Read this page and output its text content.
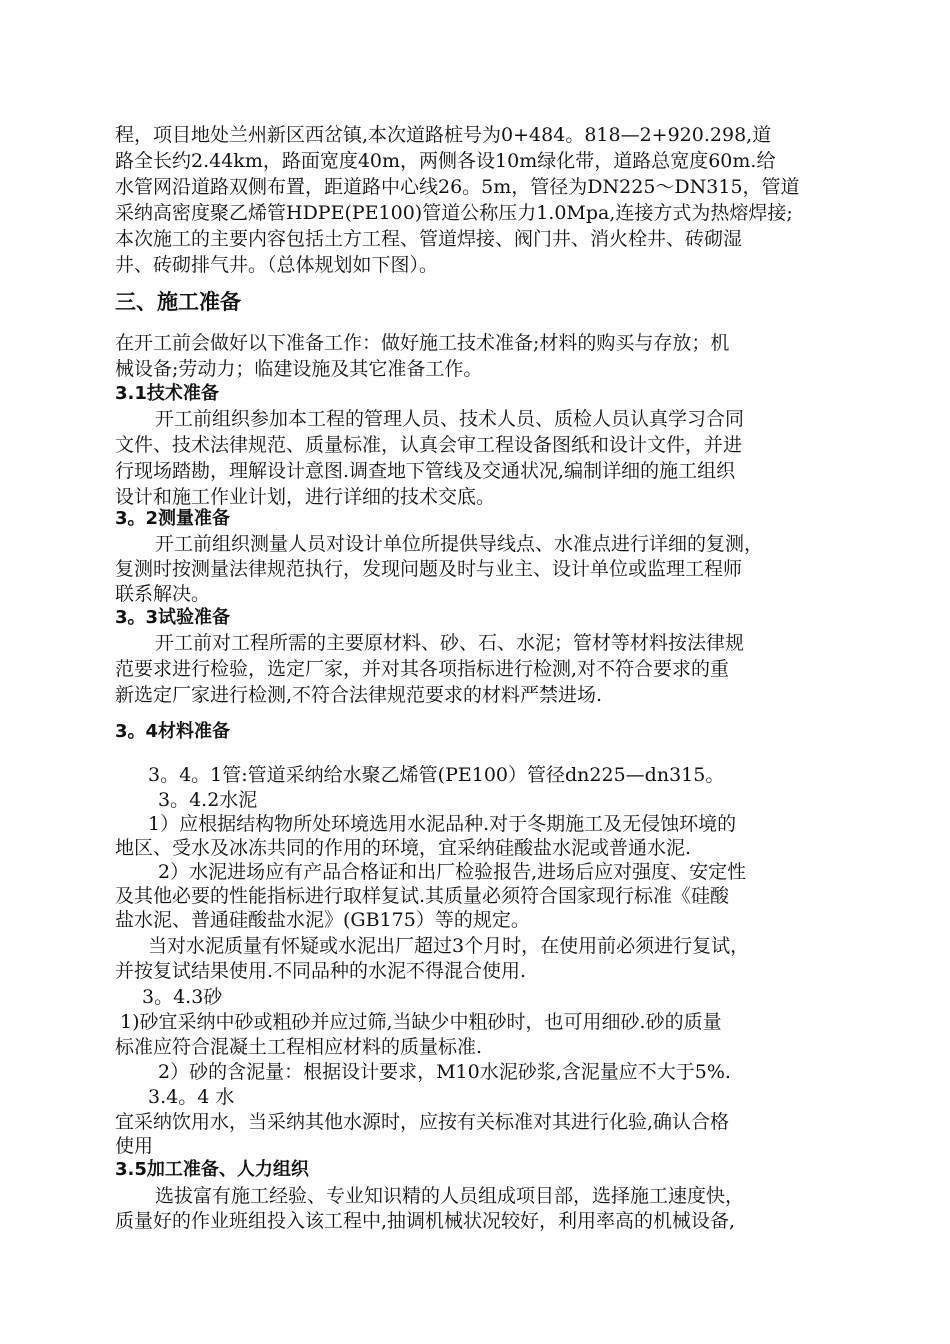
程，项目地处兰州新区西岔镇,本次道路桩号为0+484。818—2+920.298,道
路全长约2.44km，路面宽度40m，两侧各设10m绿化带，道路总宽度60m.给
水管网沿道路双侧布置，距道路中心线26。5m，管径为DN225～DN315，管道
采纳高密度聚乙烯管HDPE(PE100)管道公称压力1.0Mpa,连接方式为热熔焊接;
本次施工的主要内容包括土方工程、管道焊接、阀门井、消火栓井、砖砌湿
井、砖砌排气井。（总体规划如下图）。
三、施工准备
在开工前会做好以下准备工作：做好施工技术准备;材料的购买与存放；机
械设备;劳动力；临建设施及其它准备工作。
3.1技术准备
开工前组织参加本工程的管理人员、技术人员、质检人员认真学习合同
文件、技术法律规范、质量标准，认真会审工程设备图纸和设计文件，并进
行现场踏勘，理解设计意图.调查地下管线及交通状况,编制详细的施工组织
设计和施工作业计划，进行详细的技术交底。
3。2测量准备
开工前组织测量人员对设计单位所提供导线点、水准点进行详细的复测，
复测时按测量法律规范执行，发现问题及时与业主、设计单位或监理工程师
联系解决。
3。3试验准备
开工前对工程所需的主要原材料、砂、石、水泥；管材等材料按法律规
范要求进行检验，选定厂家，并对其各项指标进行检测,对不符合要求的重
新选定厂家进行检测,不符合法律规范要求的材料严禁进场.
3。4材料准备
3。4。1管:管道采纳给水聚乙烯管(PE100）管径dn225—dn315。
3。4.2水泥
1）应根据结构物所处环境选用水泥品种.对于冬期施工及无侵蚀环境的
地区、受水及冰冻共同的作用的环境，宜采纳硅酸盐水泥或普通水泥.
2）水泥进场应有产品合格证和出厂检验报告,进场后应对强度、安定性
及其他必要的性能指标进行取样复试.其质量必须符合国家现行标准《硅酸
盐水泥、普通硅酸盐水泥》(GB175）等的规定。
当对水泥质量有怀疑或水泥出厂超过3个月时，在使用前必须进行复试，
并按复试结果使用.不同品种的水泥不得混合使用.
3。4.3砂
1)砂宜采纳中砂或粗砂并应过筛,当缺少中粗砂时，也可用细砂.砂的质量
标准应符合混凝土工程相应材料的质量标准.
2）砂的含泥量：根据设计要求，M10水泥砂浆,含泥量应不大于5%.
3.4。4 水
宜采纳饮用水，当采纳其他水源时，应按有关标准对其进行化验,确认合格
使用
3.5加工准备、人力组织
选拔富有施工经验、专业知识精的人员组成项目部，选择施工速度快，
质量好的作业班组投入该工程中,抽调机械状况较好，利用率高的机械设备,
